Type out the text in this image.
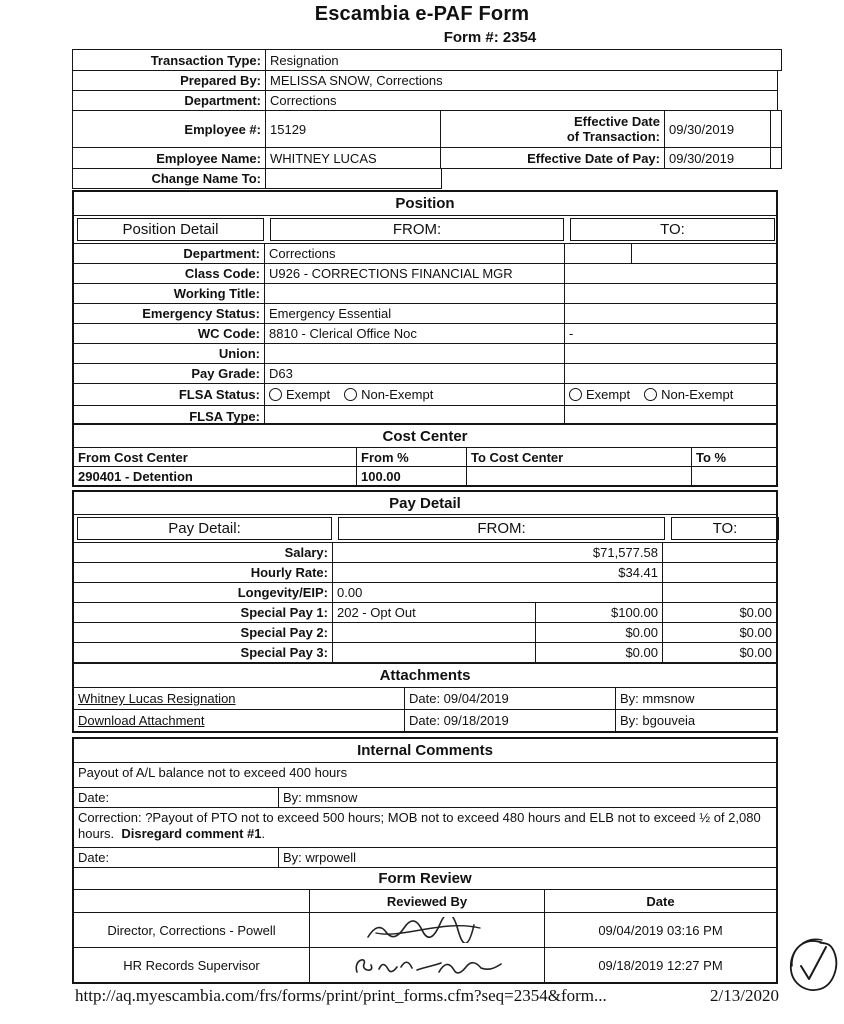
Escambia e-PAF Form
Form #: 2354
Transaction Type: Resignation
Prepared By: MELISSA SNOW, Corrections
Department: Corrections
Employee #: 15129	Effective Date
of Transaction: 09/30/2019
Employee Name: WHITNEY LUCAS	Effective Date of Pay: 09/30/2019
Change Name To:
Position
Position Detail	FROM:	TO:
Department: Corrections
Class Code: U926 - CORRECTIONS FINANCIAL MGR
Working Title:
Emergency Status: Emergency Essential
WC Code: 8810 - Clerical Office Noc	-
Union:
Pay Grade: D63
FLSA Status:	Exempt Non-Exempt	Exempt Non-Exempt
FLSA Type:
Cost Center
From Cost Center	From %	To Cost Center	To %
290401 - Detention	100.00
Pay Detail
Pay Detail:	FROM:	TO:
Salary:	$71,577.58
Hourly Rate:	$34.41
Longevity/EIP: 0.00
Special Pay 1: 202 - Opt Out	$100.00	$0.00
Special Pay 2:	$0.00	$0.00
Special Pay 3:	$0.00	$0.00
Attachments
Whitney Lucas Resignation	Date: 09/04/2019	By: mmsnow
Download Attachment	Date: 09/18/2019	By: bgouveia
Internal Comments
Payout of A/L balance not to exceed 400 hours
Date:	By: mmsnow
Correction: ?Payout of PTO not to exceed 500 hours; MOB not to exceed 480 hours and ELB not to exceed ½ of 2,080 hours.  Disregard comment #1.
Date:	By: wrpowell
Form Review
Reviewed By	Date
Director, Corrections - Powell	09/04/2019 03:16 PM
HR Records Supervisor	09/18/2019 12:27 PM
http://aq.myescambia.com/frs/forms/print/print_forms.cfm?seq=2354&form...	2/13/2020
